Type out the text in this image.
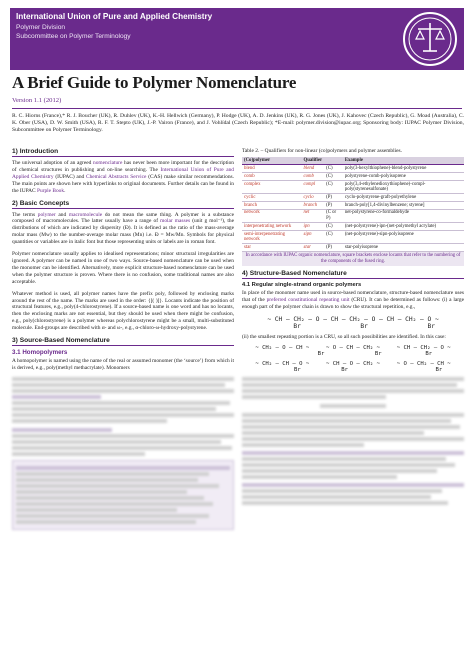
International Union of Pure and Applied Chemistry
Polymer Division
Subcommittee on Polymer Terminology
A Brief Guide to Polymer Nomenclature
Version 1.1 (2012)
R. C. Hiorns (France),* R. J. Boucher (UK), R. Duhlev (UK), K.-H. Hellwich (Germany), P. Hodge (UK), A. D. Jenkins (UK), R. G. Jones (UK), J. Kahovec (Czech Republic), G. Moad (Australia), C. K. Ober (USA), D. W. Smith (USA), R. F. T. Stepto (UK), J.-P. Vairon (France), and J. Vohlídal (Czech Republic); *E-mail: polymer.division@iupac.org; Sponsoring body: IUPAC Polymer Division, Subcommittee on Polymer Terminology.
1) Introduction
The universal adoption of an agreed nomenclature has never been more important for the description of chemical structures in publishing and on-line searching. The International Union of Pure and Applied Chemistry (IUPAC) and Chemical Abstracts Service (CAS) make similar recommendations. The main points are shown here with hyperlinks to original documents. Further details can be found in the IUPAC Purple Book.
2) Basic Concepts
The terms polymer and macromolecule do not mean the same thing. A polymer is a substance composed of macromolecules. The latter usually have a range of molar masses (unit g mol⁻¹), the distributions of which are indicated by dispersity (Đ). It is defined as the ratio of the mass-average molar mass (Mw) to the number-average molar mass (Mn) i.e. Đ = Mw/Mn. Symbols for physical quantities or variables are in italic font but those representing units or labels are in roman font.
Polymer nomenclature usually applies to idealised representations; minor structural irregularities are ignored. A polymer can be named in one of two ways. Source-based nomenclature can be used when the monomer can be identified. Alternatively, more explicit structure-based nomenclature can be used when the polymer structure is proven. Where there is no confusion, some traditional names are also acceptable.
Whatever method is used, all polymer names have the prefix poly, followed by enclosing marks around the rest of the name. The marks are used in the order: {[( )]}. Locants indicate the position of structural features, e.g., poly(4-chlorostyrene). If a source-based name is one word and has no locants, then the enclosing marks are not essential, but they should be used when there might be confusion, e.g., poly(chlorostyrene) is a polymer whereas polychlorostyrene might be a small, multi-substituted molecule. End-groups are described with α- and ω-, e.g., α-chloro-ω-hydroxy-polystyrene.
3) Source-Based Nomenclature
3.1 Homopolymers
A homopolymer is named using the name of the real or assumed monomer (the ‘source’) from which it is derived, e.g., poly(methyl methacrylate). Monomers
Table 2. – Qualifiers for non-linear (co)polymers and polymer assemblies.
(Co)polymer	Qualifier		Example
blend	blend	(C)	poly(3-hexylthiophene)-blend-polystyrene
comb	comb	(C)	polystyrene-comb-polyisoprene
complex	compl	(C)	poly(3,4-ethylenedioxythiophene)-compl-poly(styrenesulfonate)
cyclic	cyclo	(P)	cyclo-polystyrene-graft-polyethylene
branch	branch	(P)	branch-poly[1,4-divinylbenzene; styrene]
network	net	(C or P)	net-polystyrene-co-formaldehyde
interpenetrating network	ipn	(C)	(net-polystyrene)-ipn-(net-polymethyl acrylate)
semi-interpenetrating network	sipn	(C)	(net-polystyrene)-sipn-polyisoprene
star	star	(P)	star-polyisoprene
In accordance with IUPAC organic nomenclature, square brackets enclose locants that refer to the numbering of the components of the fused ring.
4) Structure-Based Nomenclature
4.1 Regular single-strand organic polymers
In place of the monomer name used in source-based nomenclature, structure-based nomenclature uses that of the preferred constitutional repeating unit (CRU). It can be determined as follows: (i) a large enough part of the polymer chain is drawn to show the structural repetition, e.g.,
~ CH – CH₂ – O – CH – CH₂ – O – CH – CH₂ – O ~
Br                Br                Br
(ii) the smallest repeating portion is a CRU, so all such possibilities are identified. In this case:
~ CH₂ – O – CH ~     ~ O – CH – CH₂ ~     ~ CH – CH₂ – O ~
Br               Br             Br
~ CH₂ – CH – O ~     ~ CH – O – CH₂ ~     ~ O – CH₂ – CH ~
Br            Br                          Br
